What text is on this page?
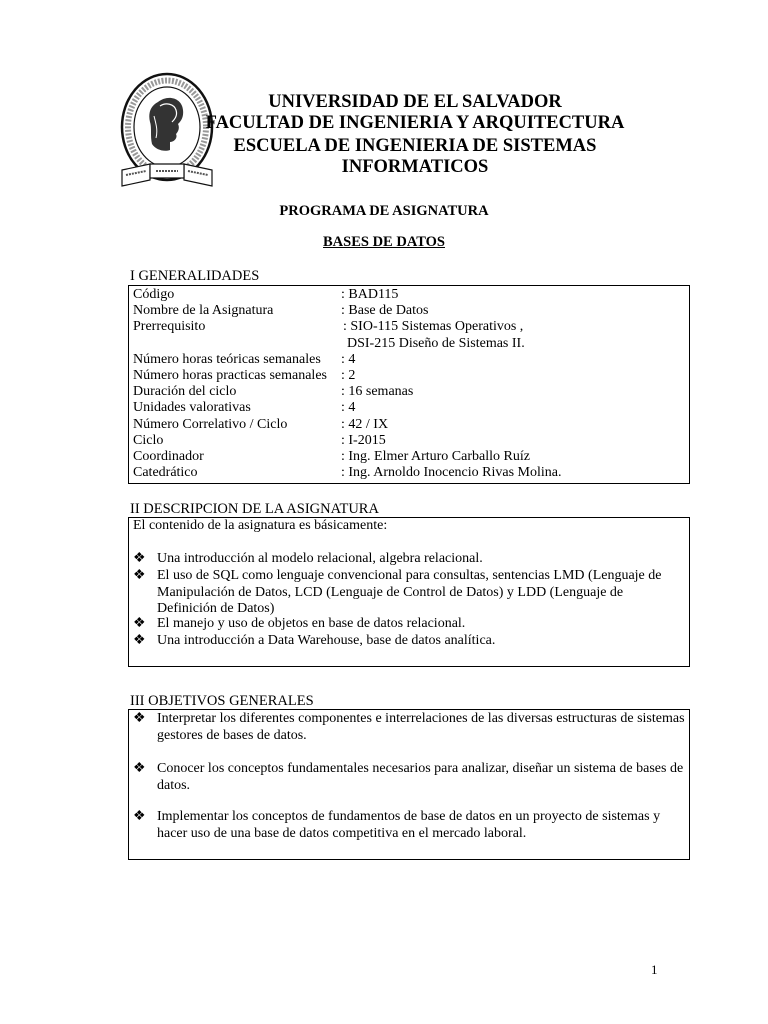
UNIVERSIDAD DE EL SALVADOR
FACULTAD DE INGENIERIA Y ARQUITECTURA
ESCUELA DE INGENIERIA DE SISTEMAS
INFORMATICOS
PROGRAMA DE ASIGNATURA
BASES DE DATOS
I GENERALIDADES
Código	: BAD115
Nombre de la Asignatura	: Base de Datos
Prerrequisito	: SIO-115 Sistemas Operativos ,
DSI-215 Diseño de Sistemas II.
Número horas teóricas semanales : 4
Número horas practicas semanales : 2
Duración del ciclo	: 16 semanas
Unidades valorativas	: 4
Número Correlativo / Ciclo	: 42 / IX
Ciclo	: I-2015
Coordinador	: Ing. Elmer Arturo Carballo Ruíz
Catedrático	: Ing. Arnoldo Inocencio Rivas Molina.
II DESCRIPCION DE LA ASIGNATURA
El contenido de la asignatura es básicamente:
❖ Una introducción al modelo relacional, algebra relacional.
❖ El uso de SQL como lenguaje convencional para consultas, sentencias LMD (Lenguaje de Manipulación de Datos, LCD (Lenguaje de Control de Datos) y LDD (Lenguaje de Definición de Datos)
❖ El manejo y uso de objetos en base de datos relacional.
❖ Una introducción a Data Warehouse, base de datos analítica.
III OBJETIVOS GENERALES
❖ Interpretar los diferentes componentes e interrelaciones de las diversas estructuras de sistemas gestores de bases de datos.
❖ Conocer los conceptos fundamentales necesarios para analizar, diseñar un sistema de bases de datos.
❖ Implementar los conceptos de fundamentos de base de datos en un proyecto de sistemas y hacer uso de una base de datos competitiva en el mercado laboral.
1
